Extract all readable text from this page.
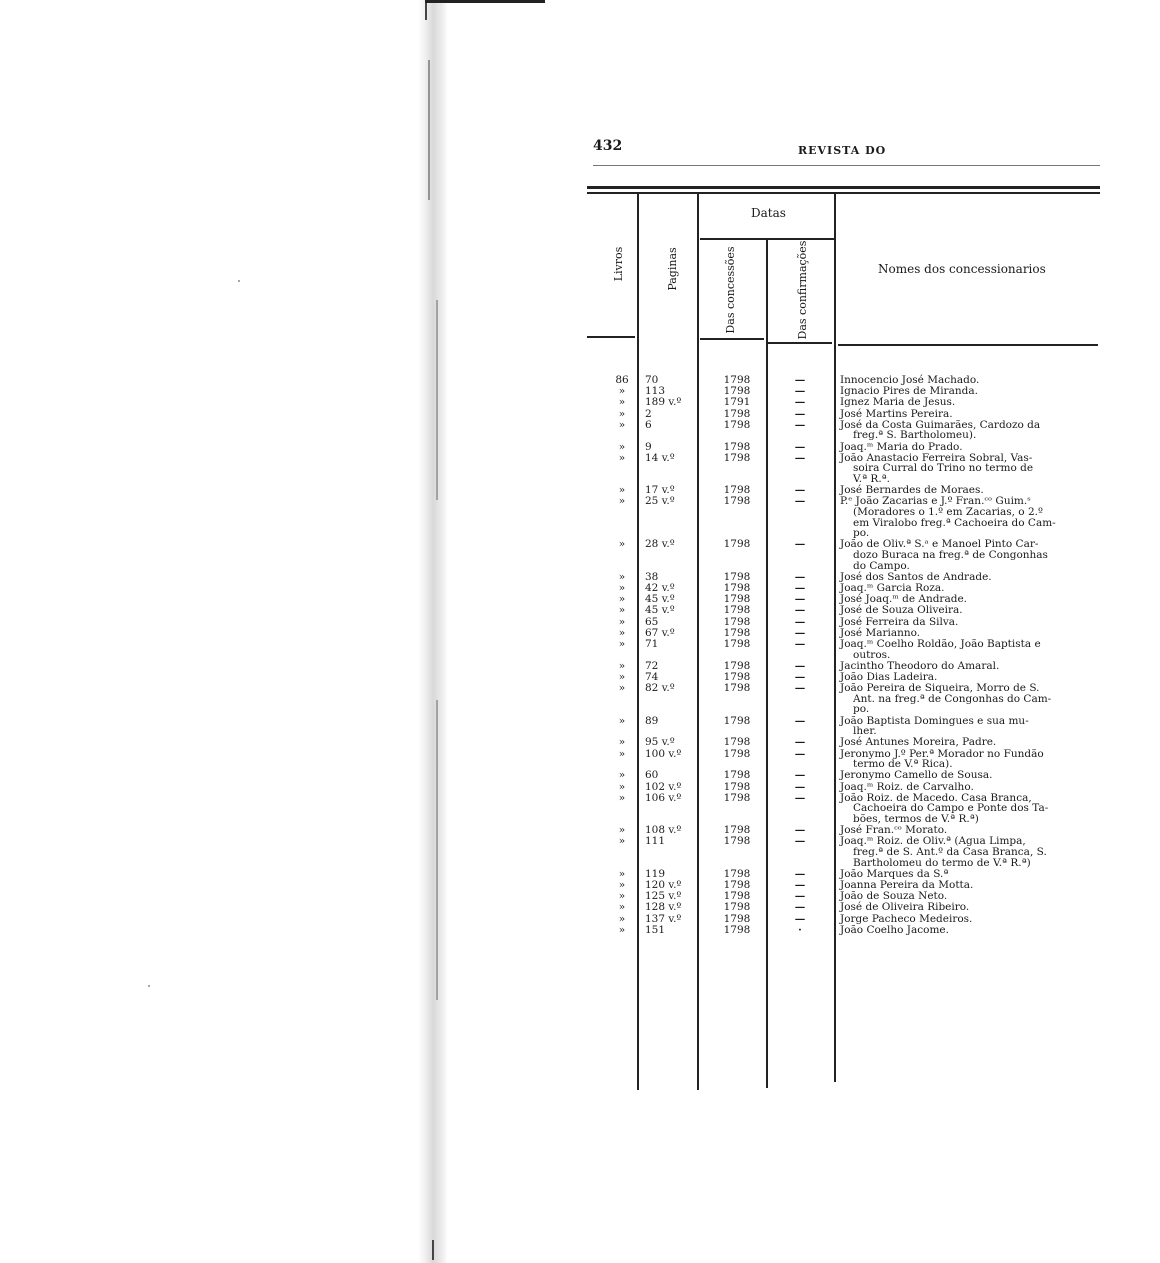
432	REVISTA DO
Datas
Nomes dos concessionarios
Livros	Paginas	Das concessões	Das confirmações
86	70	1798	—	Innocencio José Machado.
»	113	1798	—	Ignacio Pires de Miranda.
»	189 v.º	1791	—	Ignez Maria de Jesus.
»	2	1798	—	José Martins Pereira.
»	6	1798	—	José da Costa Guimarães, Cardozo da
freg.ª S. Bartholomeu).
»	9	1798	—	Joaq.ᵐ Maria do Prado.
»	14 v.º	1798	—	João Anastacio Ferreira Sobral, Vas-
soira Curral do Trino no termo de
V.ª R.ª.
»	17 v.º	1798	—	José Bernardes de Moraes.
»	25 v.º	1798	—	P.ᵉ João Zacarias e J.º Fran.ᶜᵒ Guim.ˢ
(Moradores o 1.º em Zacarias, o 2.º
em Viralobo freg.ª Cachoeira do Cam-
po.
»	28 v.º	1798	—	João de Oliv.ª S.ᵃ e Manoel Pinto Car-
dozo Buraca na freg.ª de Congonhas
do Campo.
»	38	1798	—	José dos Santos de Andrade.
»	42 v.º	1798	—	Joaq.ᵐ Garcia Roza.
»	45 v.º	1798	—	José Joaq.ᵐ de Andrade.
»	45 v.º	1798	—	José de Souza Oliveira.
»	65	1798	—	José Ferreira da Silva.
»	67 v.º	1798	—	José Marianno.
»	71	1798	—	Joaq.ᵐ Coelho Roldão, João Baptista e
outros.
»	72	1798	—	Jacintho Theodoro do Amaral.
»	74	1798	—	João Dias Ladeira.
»	82 v.º	1798	—	João Pereira de Siqueira, Morro de S.
Ant. na freg.ª de Congonhas do Cam-
po.
»	89	1798	—	João Baptista Domingues e sua mu-
lher.
»	95 v.º	1798	—	José Antunes Moreira, Padre.
»	100 v.º	1798	—	Jeronymo J.º Per.ª Morador no Fundão
termo de V.ª Rica).
»	60	1798	—	Jeronymo Camello de Sousa.
»	102 v.º	1798	—	Joaq.ᵐ Roiz. de Carvalho.
»	106 v.º	1798	—	João Roiz. de Macedo. Casa Branca,
Cachoeira do Campo e Ponte dos Ta-
bões, termos de V.ª R.ª)
»	108 v.º	1798	—	José Fran.ᶜᵒ Morato.
»	111	1798	—	Joaq.ᵐ Roiz. de Oliv.ª (Agua Limpa,
freg.ª de S. Ant.º da Casa Branca, S.
Bartholomeu do termo de V.ª R.ª)
»	119	1798	—	João Marques da S.ª
»	120 v.º	1798	—	Joanna Pereira da Motta.
»	125 v.º	1798	—	João de Souza Neto.
»	128 v.º	1798	—	José de Oliveira Ribeiro.
»	137 v.º	1798	—	Jorge Pacheco Medeiros.
»	151	1798	·	João Coelho Jacome.
